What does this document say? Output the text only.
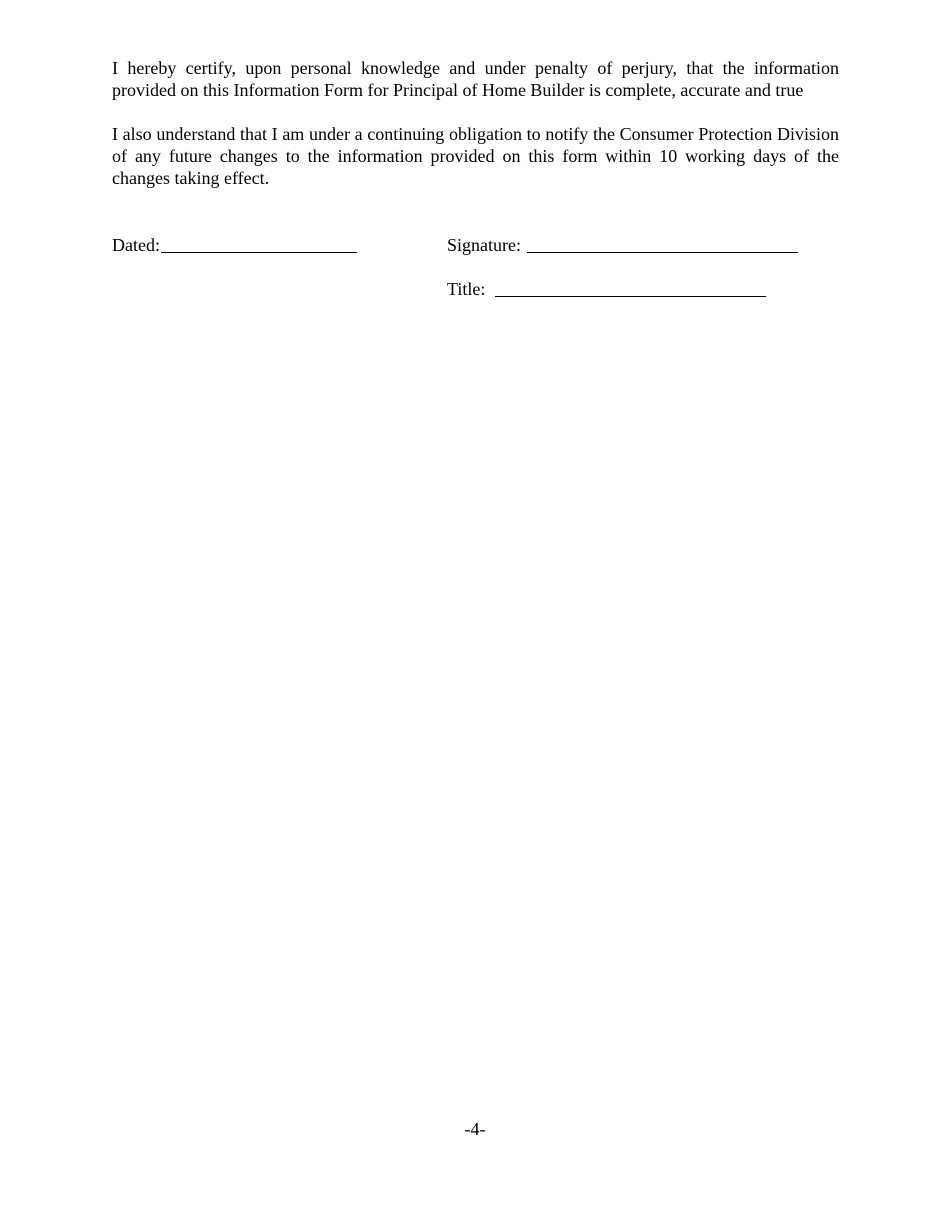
I hereby certify, upon personal knowledge and under penalty of perjury, that the information provided on this Information Form for Principal of Home Builder is complete, accurate and true

I also understand that I am under a continuing obligation to notify the Consumer Protection Division of any future changes to the information provided on this form within 10 working days of the changes taking effect.

Dated:	Signature:
Title:
-4-
